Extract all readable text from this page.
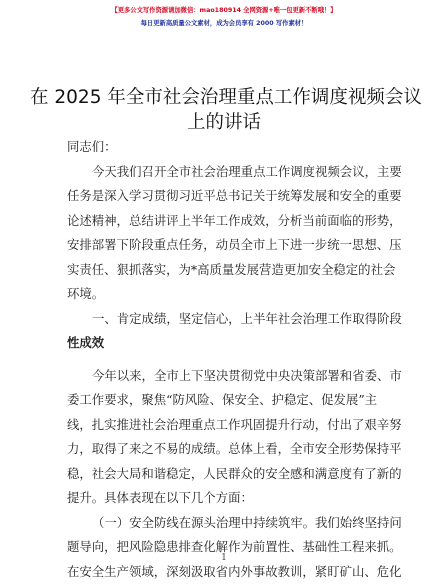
【更多公文写作资源请加微信：mao180914 全网资源+唯一包更新不断哦！】
每日更新高质量公文素材，成为会员享有 2000 写作素材！
在 2025 年全市社会治理重点工作调度视频会议
上的讲话
同志们：
今天我们召开全市社会治理重点工作调度视频会议，主要
任务是深入学习贯彻习近平总书记关于统筹发展和安全的重要
论述精神，总结讲评上半年工作成效，分析当前面临的形势，
安排部署下阶段重点任务，动员全市上下进一步统一思想、压
实责任、狠抓落实，为*高质量发展营造更加安全稳定的社会
环境。
一、肯定成绩，坚定信心，上半年社会治理工作取得阶段
性成效
今年以来，全市上下坚决贯彻党中央决策部署和省委、市
委工作要求，聚焦“防风险、保安全、护稳定、促发展”主
线，扎实推进社会治理重点工作巩固提升行动，付出了艰辛努
力，取得了来之不易的成绩。总体上看，全市安全形势保持平
稳，社会大局和谐稳定，人民群众的安全感和满意度有了新的
提升。具体表现在以下几个方面：
（一）安全防线在源头治理中持续筑牢。我们始终坚持问
题导向，把风险隐患排查化解作为前置性、基础性工程来抓。
在安全生产领域，深刻汲取省内外事故教训，紧盯矿山、危化
1
